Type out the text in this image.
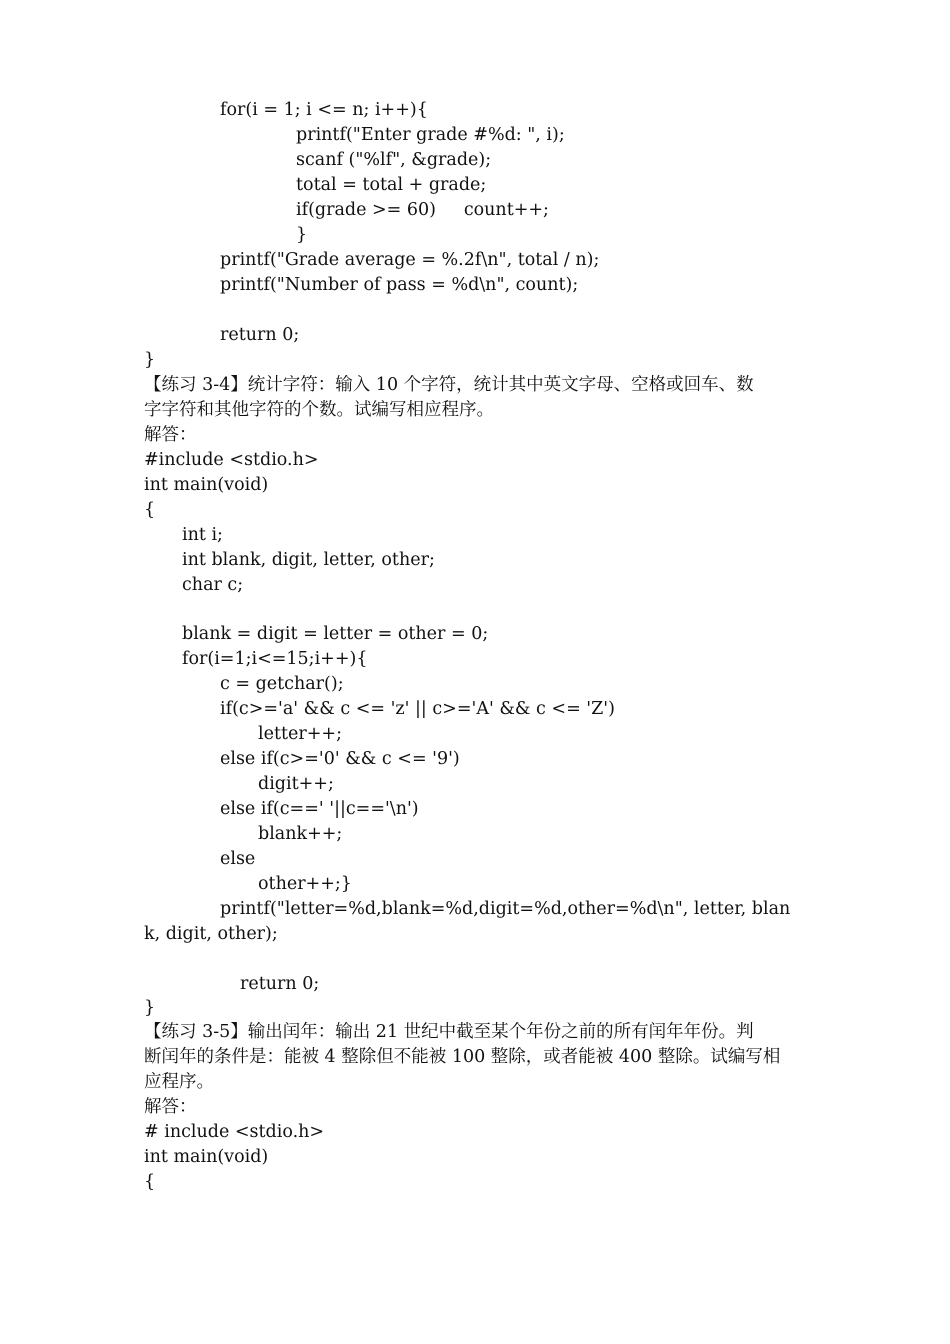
for(i = 1; i <= n; i++){
printf("Enter grade #%d: ", i);
scanf ("%lf", &grade);
total = total + grade;
if(grade >= 60)     count++;
}
printf("Grade average = %.2f\n", total / n);
printf("Number of pass = %d\n", count);
return 0;
}
【练习 3-4】统计字符：输入 10 个字符，统计其中英文字母、空格或回车、数
字字符和其他字符的个数。试编写相应程序。
解答：
#include <stdio.h>
int main(void)
{
int i;
int blank, digit, letter, other;
char c;
blank = digit = letter = other = 0;
for(i=1;i<=15;i++){
c = getchar();
if(c>='a' && c <= 'z' || c>='A' && c <= 'Z')
letter++;
else if(c>='0' && c <= '9')
digit++;
else if(c==' '||c=='\n')
blank++;
else
other++;}
printf("letter=%d,blank=%d,digit=%d,other=%d\n", letter, blan
k, digit, other);
return 0;
}
【练习 3-5】输出闰年：输出 21 世纪中截至某个年份之前的所有闰年年份。判
断闰年的条件是：能被 4 整除但不能被 100 整除，或者能被 400 整除。试编写相
应程序。
解答：
# include <stdio.h>
int main(void)
{
